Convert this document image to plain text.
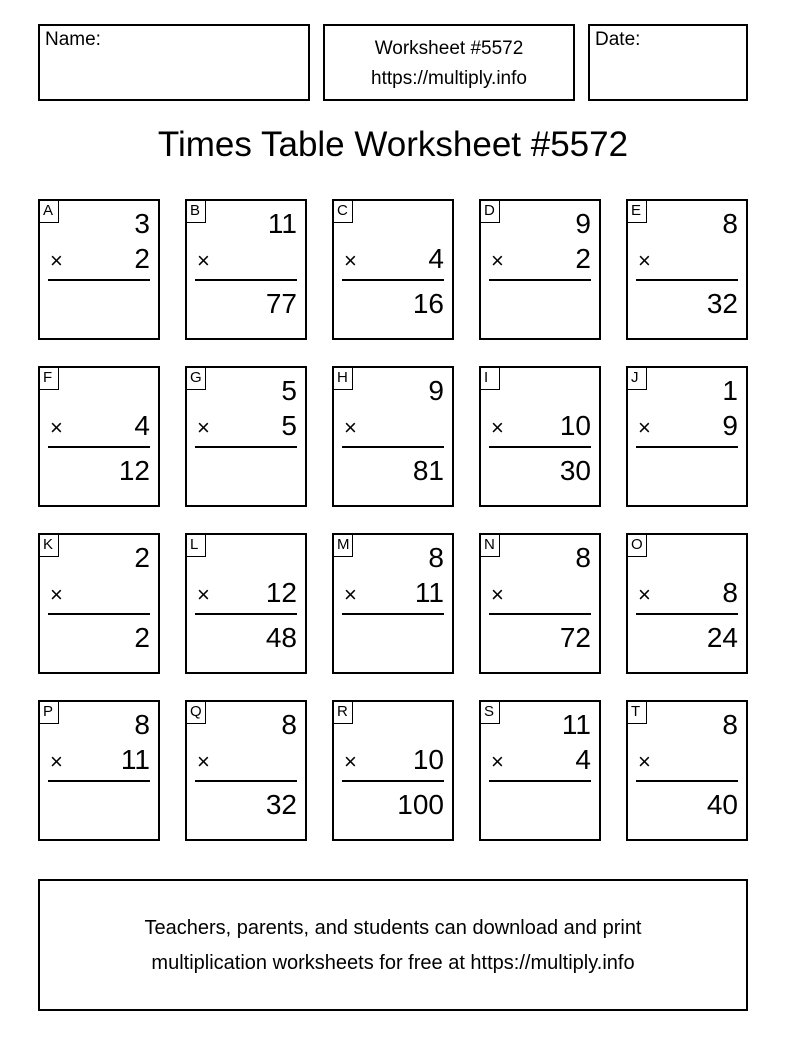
Name:	Worksheet #5572
https://multiply.info
Date:
Times Table Worksheet #5572
A	3
×	2
B 11
×
77
C
×	4
16
D	9
×	2
E	8
×
32
F
×	4
12
G	5
×	5
H	9
×
81
I
× 10
30
J	1
×	9
K	2
×
2
L
× 12
48
M	8
× 11
N	8
×
72
O
×	8
24
P	8
× 11
Q	8
×
32
R
× 10
100
S 11
×	4
T	8
×
40
Teachers, parents, and students can download and print
multiplication worksheets for free at https://multiply.info
